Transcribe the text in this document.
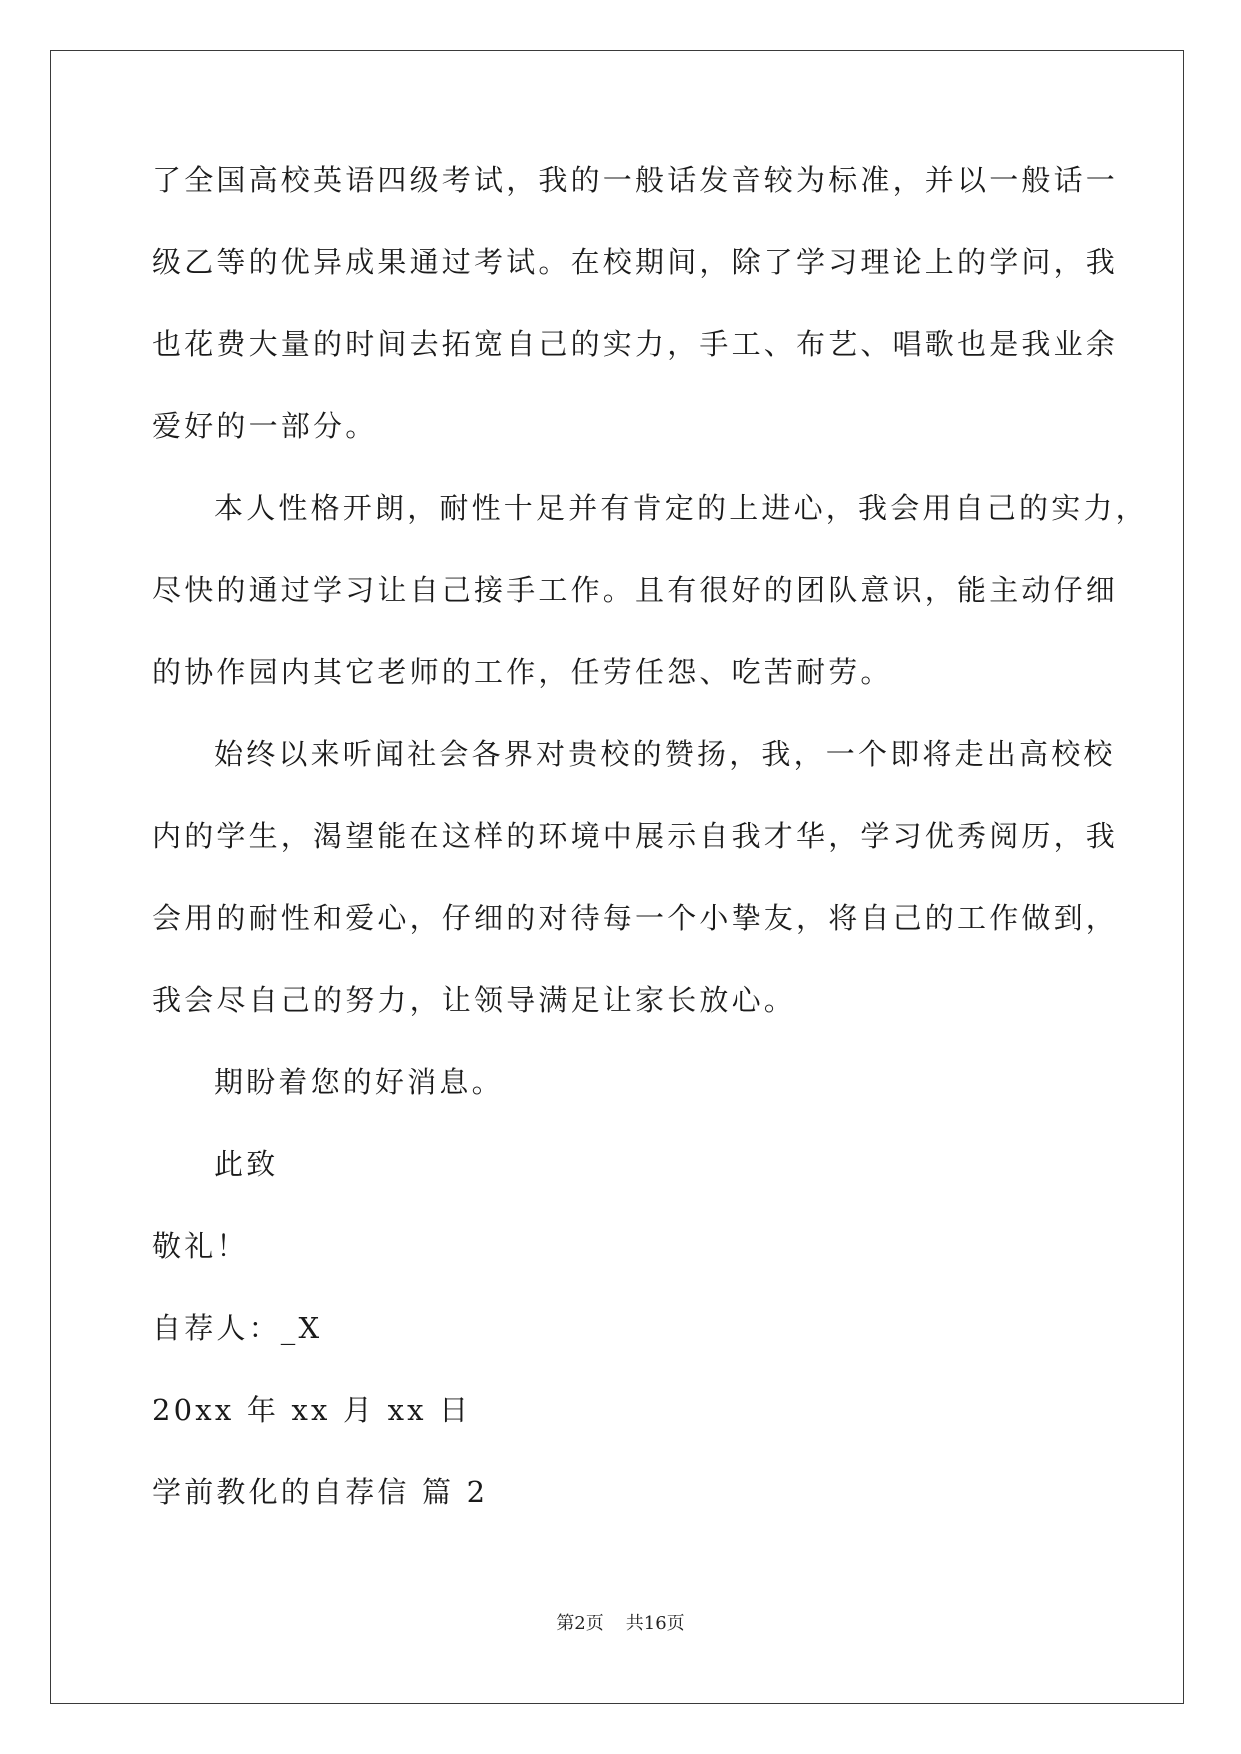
了全国高校英语四级考试，我的一般话发音较为标准，并以一般话一
级乙等的优异成果通过考试。在校期间，除了学习理论上的学问，我
也花费大量的时间去拓宽自己的实力，手工、布艺、唱歌也是我业余
爱好的一部分。
本人性格开朗，耐性十足并有肯定的上进心，我会用自己的实力，
尽快的通过学习让自己接手工作。且有很好的团队意识，能主动仔细
的协作园内其它老师的工作，任劳任怨、吃苦耐劳。
始终以来听闻社会各界对贵校的赞扬，我，一个即将走出高校校
内的学生，渴望能在这样的环境中展示自我才华，学习优秀阅历，我
会用的耐性和爱心，仔细的对待每一个小挚友，将自己的工作做到，
我会尽自己的努力，让领导满足让家长放心。
期盼着您的好消息。
此致
敬礼！
自荐人：_X
20xx 年 xx 月 xx 日
学前教化的自荐信 篇 2
第2页 共16页
